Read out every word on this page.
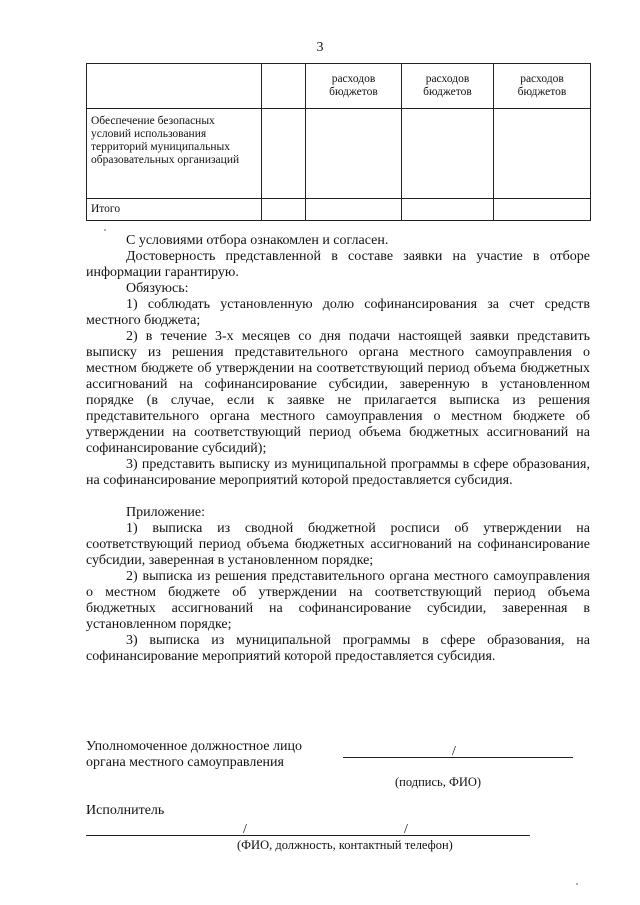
3
		расходов бюджетов	расходов бюджетов	расходов бюджетов
Обеспечение безопасных условий использования территорий муниципальных образовательных организаций				
Итого				

С условиями отбора ознакомлен и согласен.

Достоверность представленной в составе заявки на участие в отборе информации гарантирую.

Обязуюсь:

1) соблюдать установленную долю софинансирования за счет средств местного бюджета;

2) в течение 3-х месяцев со дня подачи настоящей заявки представить выписку из решения представительного органа местного самоуправления о местном бюджете об утверждении на соответствующий период объема бюджетных ассигнований на софинансирование субсидии, заверенную в установленном порядке (в случае, если к заявке не прилагается выписка из решения представительного органа местного самоуправления о местном бюджете об утверждении на соответствующий период объема бюджетных ассигнований на софинансирование субсидий);

3) представить выписку из муниципальной программы в сфере образования, на софинансирование мероприятий которой предоставляется субсидия.

Приложение:

1) выписка из сводной бюджетной росписи об утверждении на соответствующий период объема бюджетных ассигнований на софинансирование субсидии, заверенная в установленном порядке;

2) выписка из решения представительного органа местного самоуправления о местном бюджете об утверждении на соответствующий период объема бюджетных ассигнований на софинансирование субсидии, заверенная в установленном порядке;

3) выписка из муниципальной программы в сфере образования, на софинансирование мероприятий которой предоставляется субсидия.

Уполномоченное должностное лицо
органа местного самоуправления
/
(подпись, ФИО)
Исполнитель
/	/
(ФИО, должность, контактный телефон)
